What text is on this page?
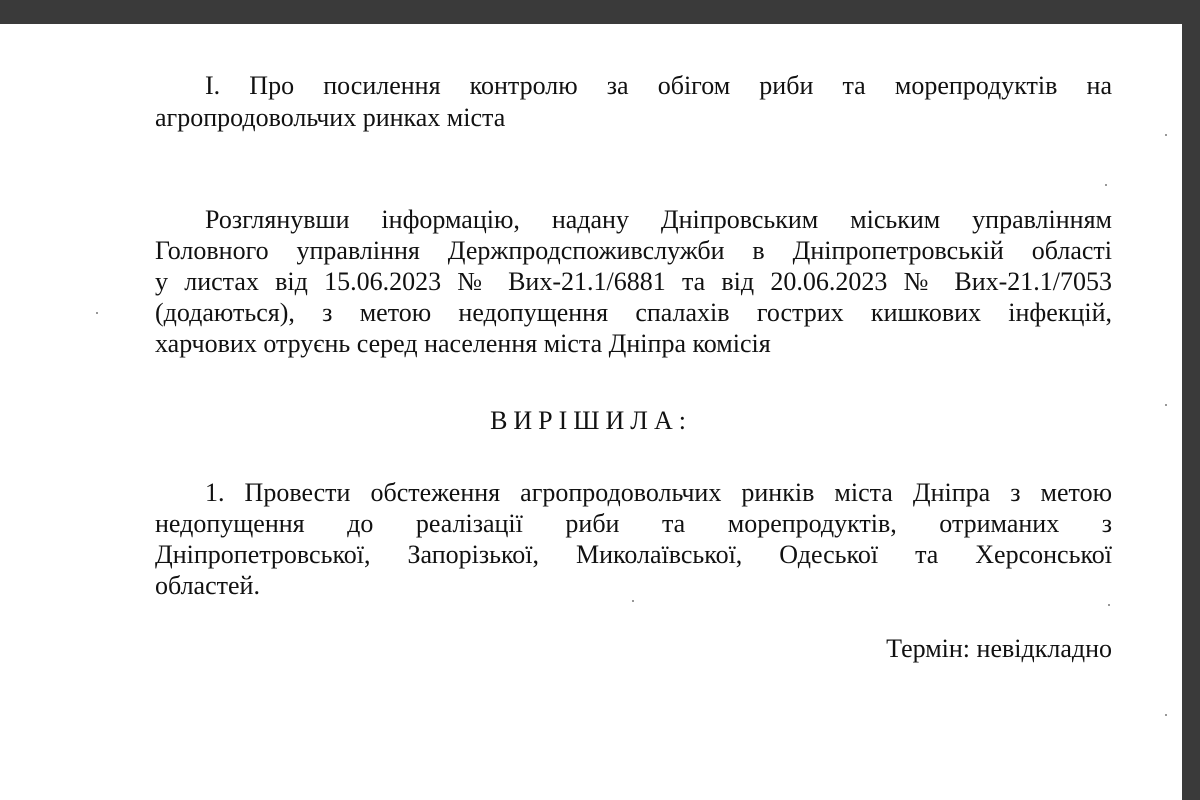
I. Про посилення контролю за обігом риби та морепродуктів на
агропродовольчих ринках міста
Розглянувши інформацію, надану Дніпровським міським управлінням
Головного управління Держпродспоживслужби в Дніпропетровській області
у листах від 15.06.2023 № Вих-21.1/6881 та від 20.06.2023 № Вих-21.1/7053
(додаються), з метою недопущення спалахів гострих кишкових інфекцій,
харчових отруєнь серед населення міста Дніпра комісія
ВИРІШИЛА:
1. Провести обстеження агропродовольчих ринків міста Дніпра з метою
недопущення до реалізації риби та морепродуктів, отриманих з
Дніпропетровської, Запорізької, Миколаївської, Одеської та Херсонської
областей.
Термін: невідкладно
